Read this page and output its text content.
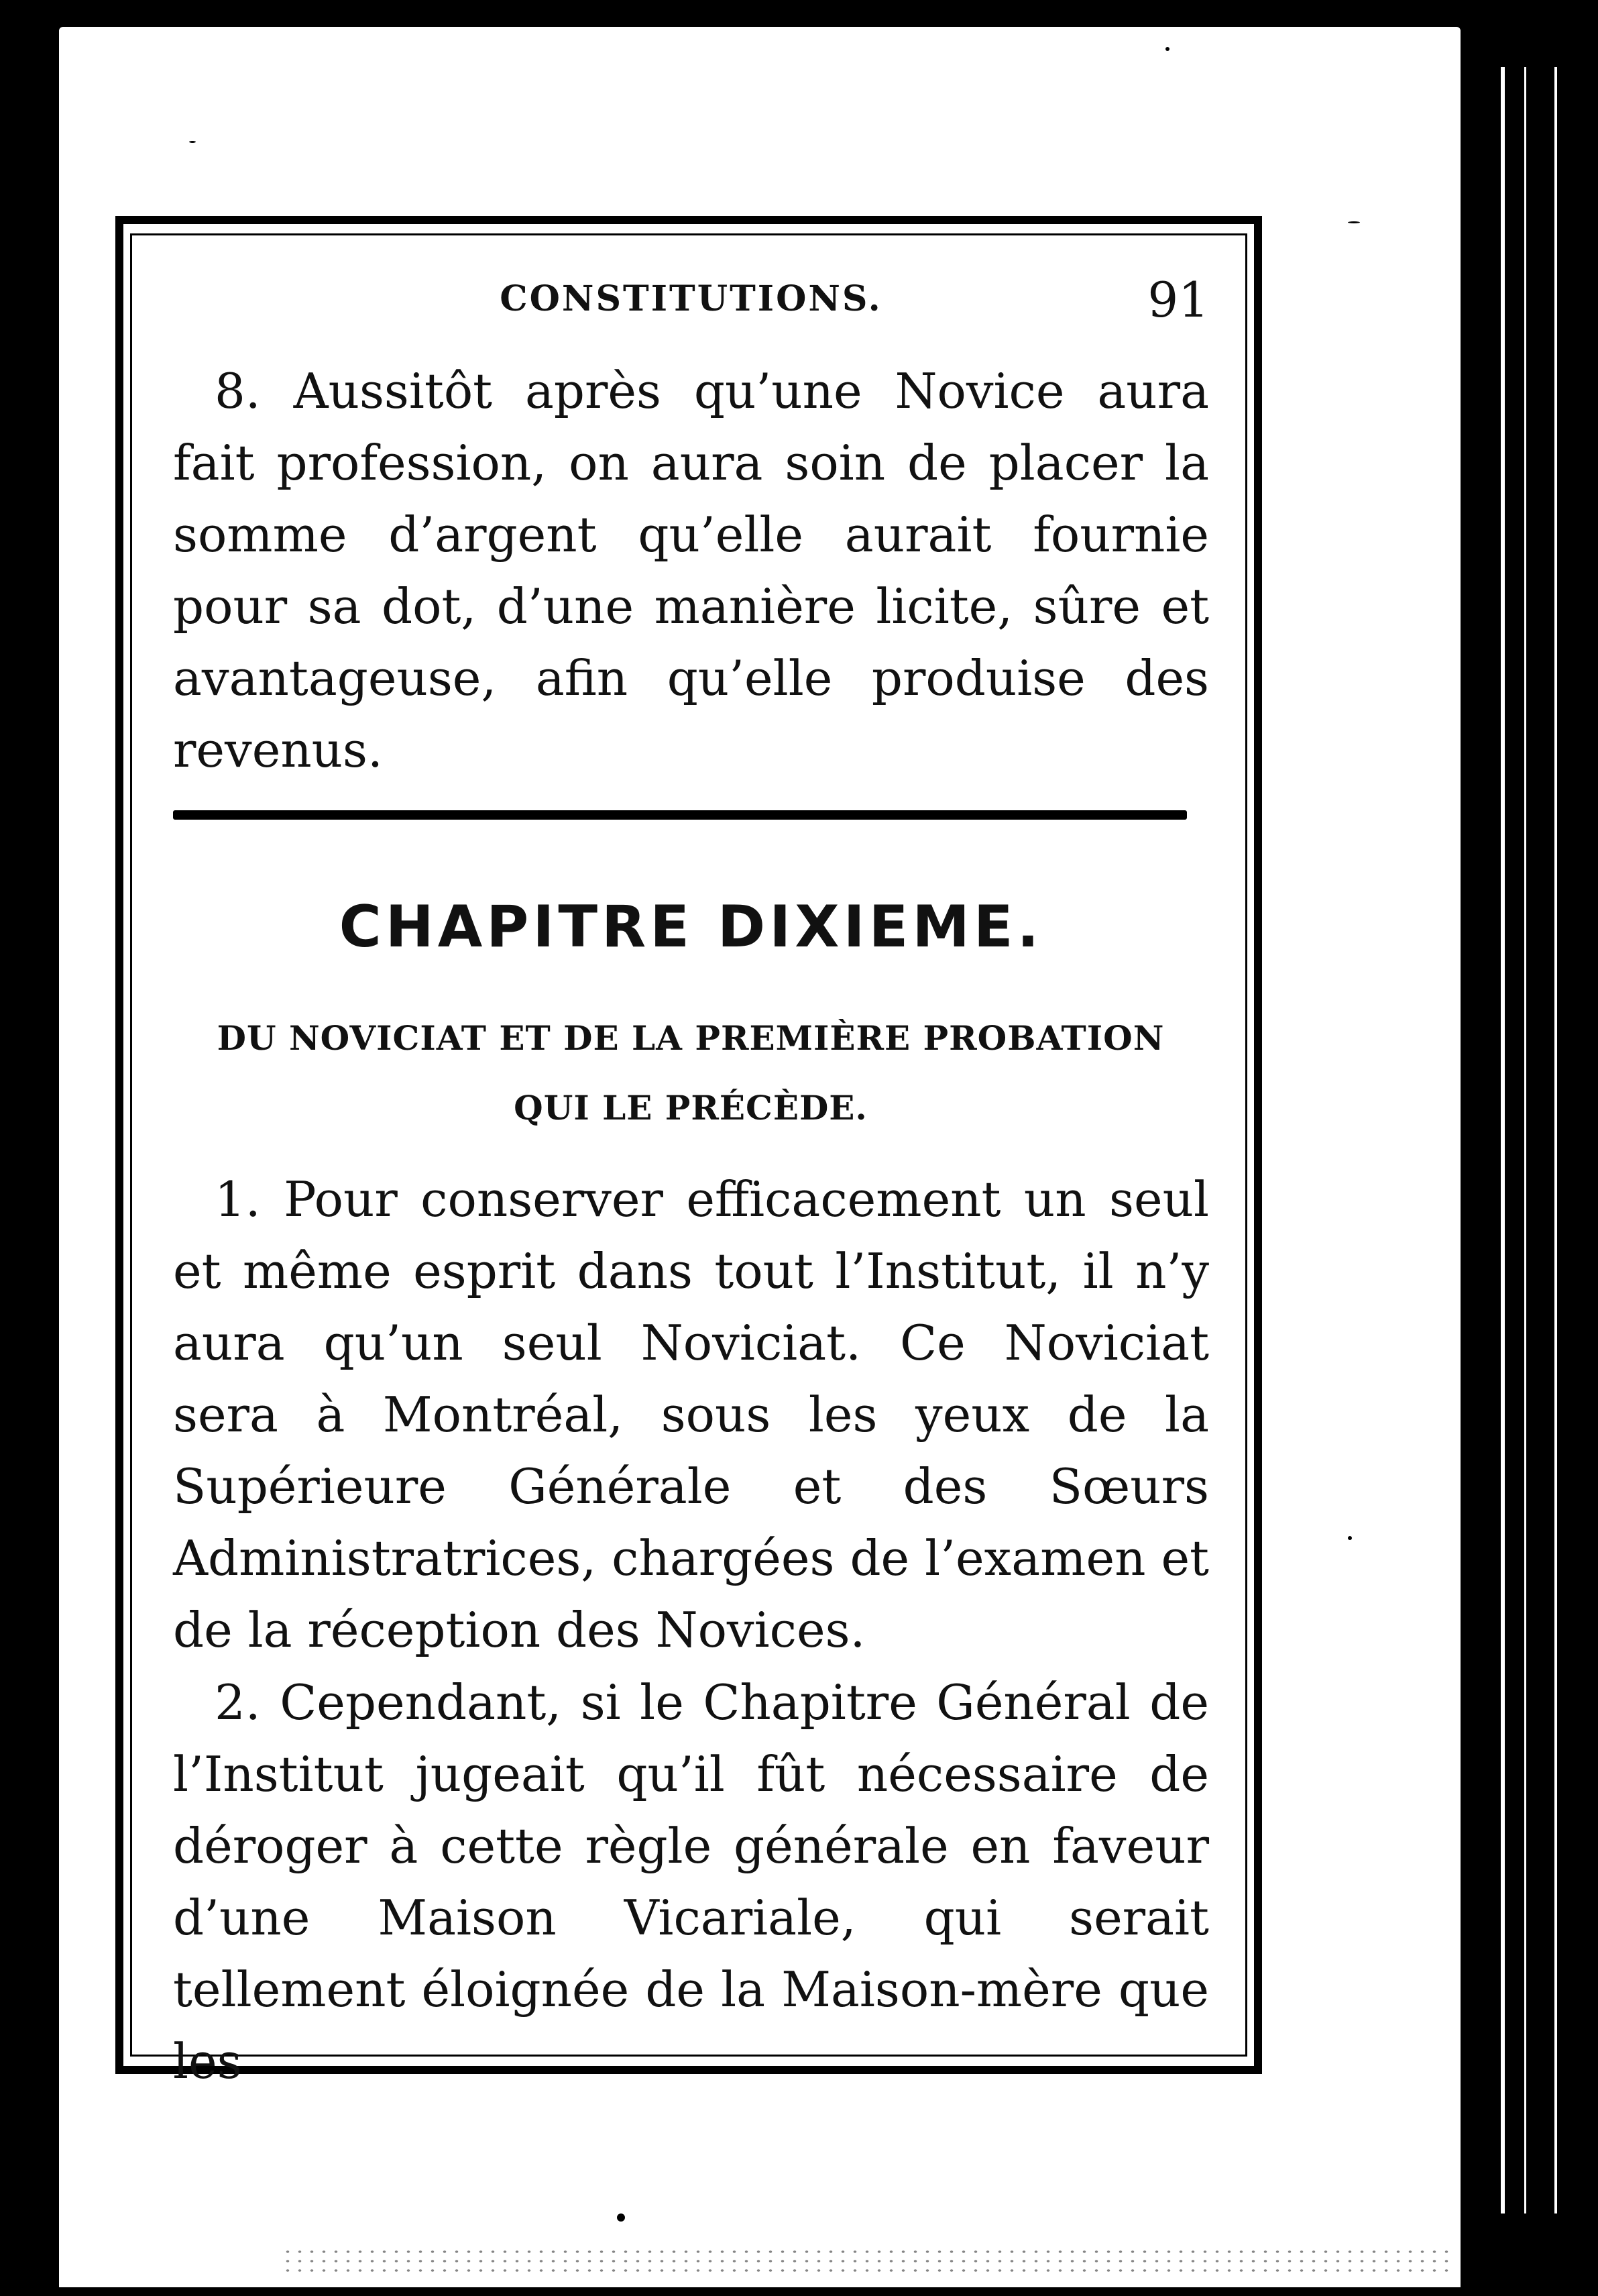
CONSTITUTIONS.	91

8. Aussitôt après qu’une Novice aura fait profession, on aura soin de placer la somme d’argent qu’elle aurait fournie pour sa dot, d’une manière licite, sûre et avantageuse, afin qu’elle produise des revenus.

CHAPITRE DIXIEME.
DU NOVICIAT ET DE LA PREMIÈRE PROBATION
QUI LE PRÉCÈDE.

1. Pour conserver efficacement un seul et même esprit dans tout l’Institut, il n’y aura qu’un seul Noviciat. Ce Noviciat sera à Montréal, sous les yeux de la Supérieure Générale et des Sœurs Administratrices, chargées de l’examen et de la réception des Novices.

2. Cependant, si le Chapitre Général de l’Institut jugeait qu’il fût nécessaire de déroger à cette règle générale en faveur d’une Maison Vicariale, qui serait tellement éloignée de la Maison-mère que les
